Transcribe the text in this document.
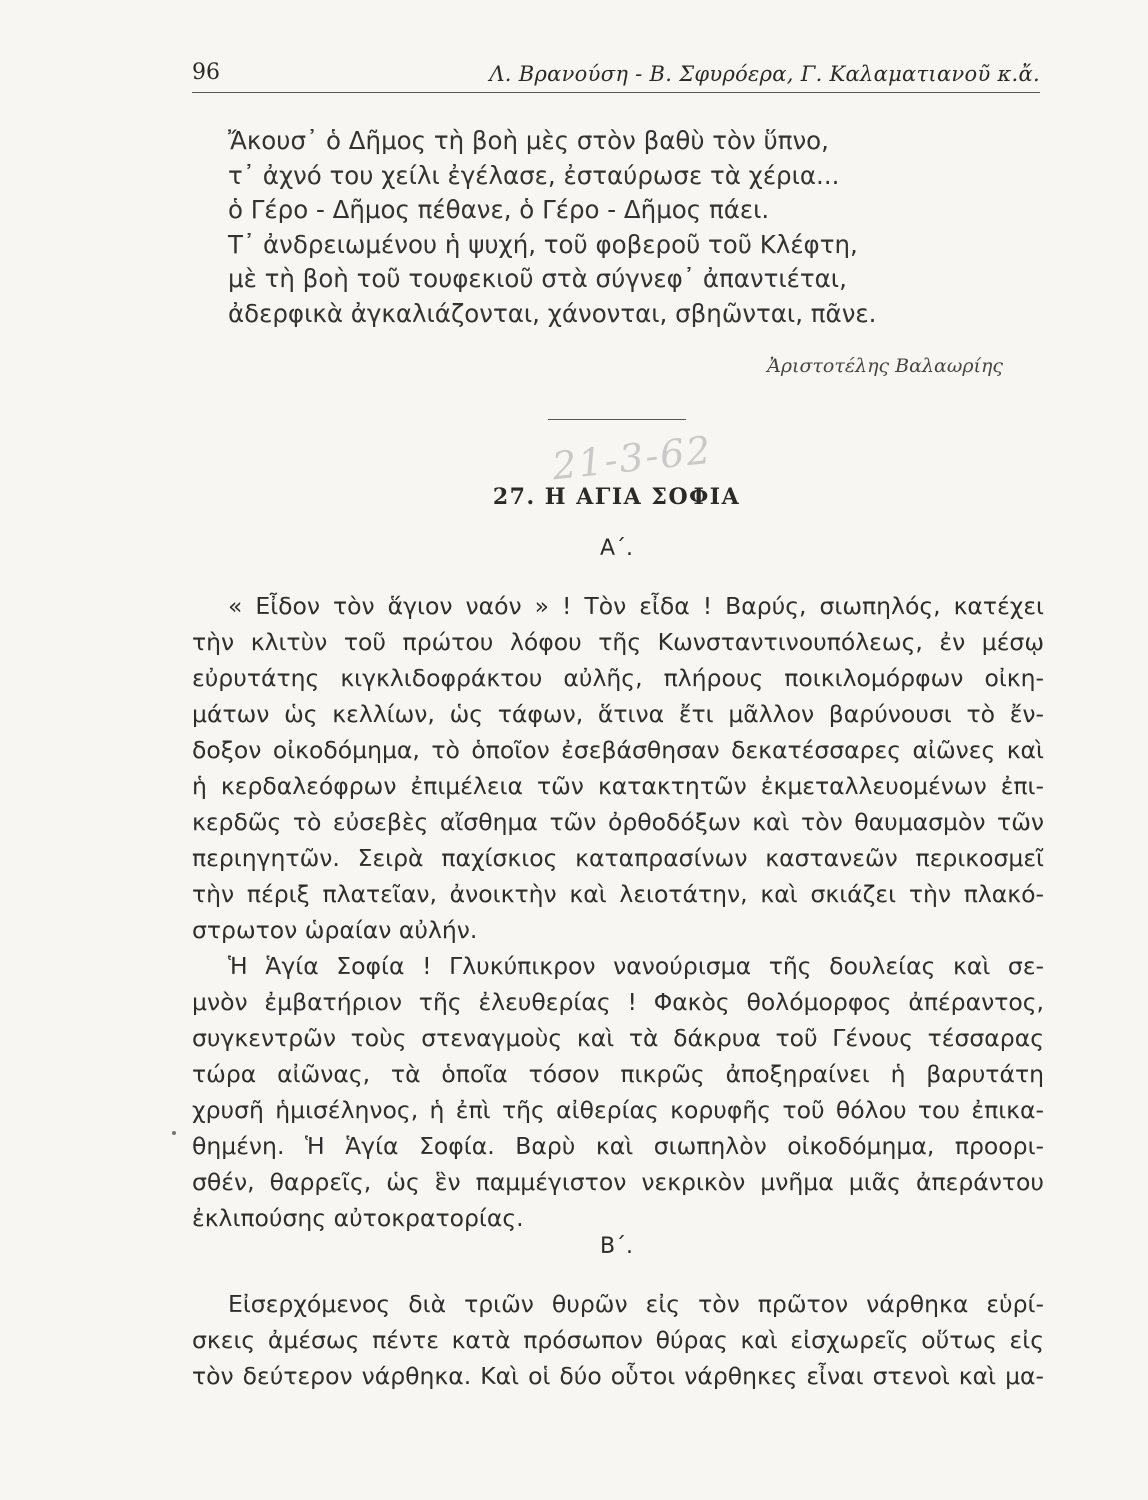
96	Λ. Βρανούση - Β. Σφυρόερα, Γ. Καλαματιανοῦ κ.ἄ.
Ἄκουσ᾽ ὁ Δῆμος τὴ βοὴ μὲς στὸν βαθὺ τὸν ὕπνο,
τ᾽ ἀχνό του χείλι ἐγέλασε, ἐσταύρωσε τὰ χέρια...
ὁ Γέρο - Δῆμος πέθανε, ὁ Γέρο - Δῆμος πάει.
Τ᾽ ἀνδρειωμένου ἡ ψυχή, τοῦ φοβεροῦ τοῦ Κλέφτη,
μὲ τὴ βοὴ τοῦ τουφεκιοῦ στὰ σύγνεφ᾽ ἀπαντιέται,
ἀδερφικὰ ἀγκαλιάζονται, χάνονται, σβηῶνται, πᾶνε.
Ἀριστοτέλης Βαλαωρίης
21-3-62
27. Η ΑΓΙΑ ΣΟΦΙΑ
Α΄.
« Εἶδον τὸν ἅγιον ναόν » ! Τὸν εἶδα ! Βαρύς, σιωπηλός, κατέχει
τὴν κλιτὺν τοῦ πρώτου λόφου τῆς Κωνσταντινουπόλεως, ἐν μέσῳ
εὐρυτάτης κιγκλιδοφράκτου αὐλῆς, πλήρους ποικιλομόρφων οἰκη-
μάτων ὡς κελλίων, ὡς τάφων, ἅτινα ἔτι μᾶλλον βαρύνουσι τὸ ἔν-
δοξον οἰκοδόμημα, τὸ ὁποῖον ἐσεβάσθησαν δεκατέσσαρες αἰῶνες καὶ
ἡ κερδαλεόφρων ἐπιμέλεια τῶν κατακτητῶν ἐκμεταλλευομένων ἐπι-
κερδῶς τὸ εὐσεβὲς αἴσθημα τῶν ὀρθοδόξων καὶ τὸν θαυμασμὸν τῶν
περιηγητῶν. Σειρὰ παχίσκιος καταπρασίνων καστανεῶν περικοσμεῖ
τὴν πέριξ πλατεῖαν, ἀνοικτὴν καὶ λειοτάτην, καὶ σκιάζει τὴν πλακό-
στρωτον ὡραίαν αὐλήν.
Ἡ Ἁγία Σοφία ! Γλυκύπικρον νανούρισμα τῆς δουλείας καὶ σε-
μνὸν ἐμβατήριον τῆς ἐλευθερίας ! Φακὸς θολόμορφος ἀπέραντος,
συγκεντρῶν τοὺς στεναγμοὺς καὶ τὰ δάκρυα τοῦ Γένους τέσσαρας
τώρα αἰῶνας, τὰ ὁποῖα τόσον πικρῶς ἀποξηραίνει ἡ βαρυτάτη
χρυσῆ ἡμισέληνος, ἡ ἐπὶ τῆς αἰθερίας κορυφῆς τοῦ θόλου του ἐπικα-
θημένη. Ἡ Ἁγία Σοφία. Βαρὺ καὶ σιωπηλὸν οἰκοδόμημα, προορι-
σθέν, θαρρεῖς, ὡς ἓν παμμέγιστον νεκρικὸν μνῆμα μιᾶς ἀπεράντου
ἐκλιπούσης αὐτοκρατορίας.
Β΄.
Εἰσερχόμενος διὰ τριῶν θυρῶν εἰς τὸν πρῶτον νάρθηκα εὑρί-
σκεις ἀμέσως πέντε κατὰ πρόσωπον θύρας καὶ εἰσχωρεῖς οὕτως εἰς
τὸν δεύτερον νάρθηκα. Καὶ οἱ δύο οὗτοι νάρθηκες εἶναι στενοὶ καὶ μα-
